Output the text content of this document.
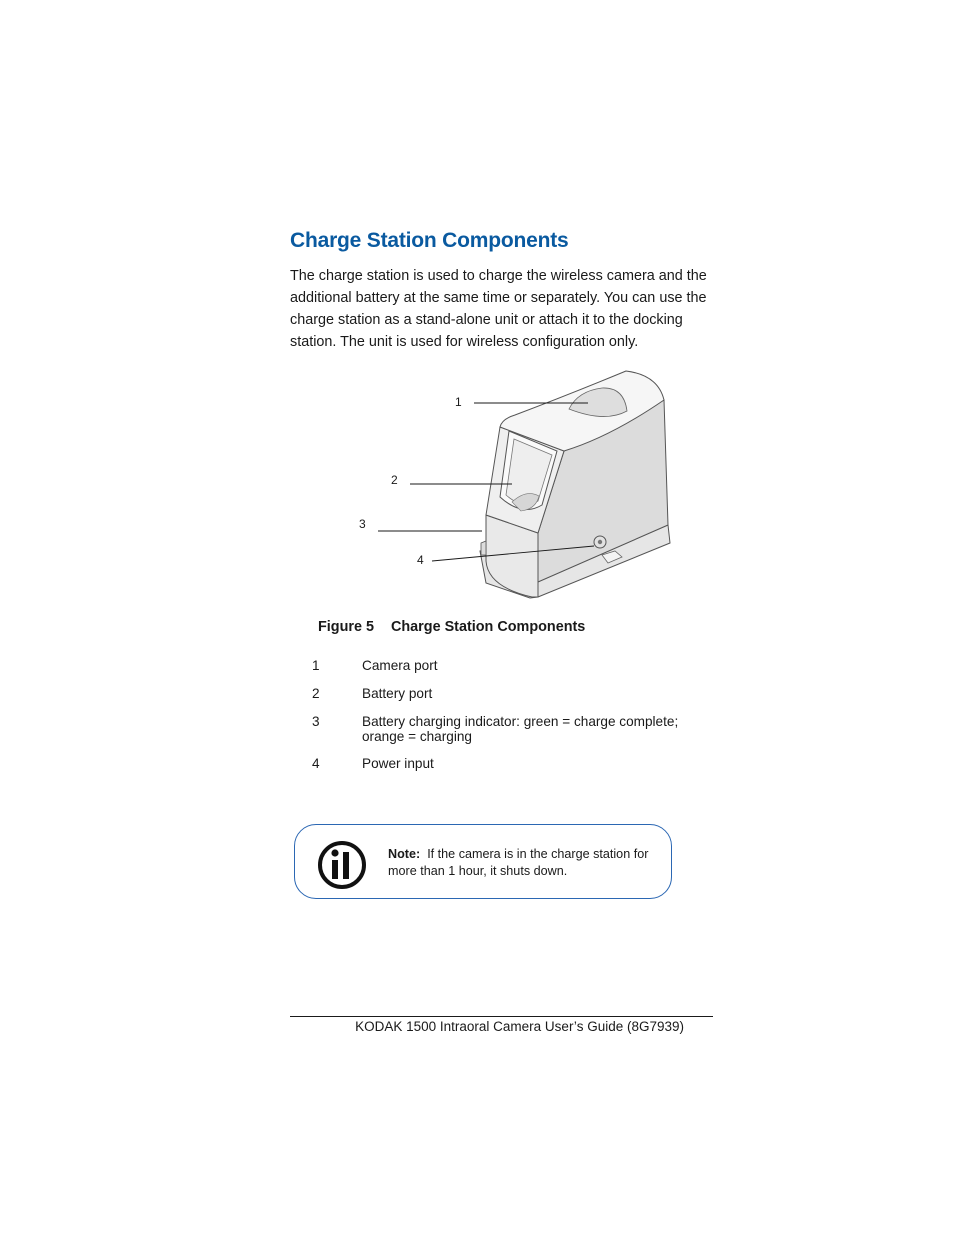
Charge Station Components

The charge station is used to charge the wireless camera and the additional battery at the same time or separately. You can use the charge station as a stand-alone unit or attach it to the docking station. The unit is used for wireless configuration only.

1
2
3
4

Figure 5 Charge Station Components

1	Camera port
2	Battery port
3	Battery charging indicator: green = charge complete; orange = charging
4	Power input

Note: If the camera is in the charge station for more than 1 hour, it shuts down.

KODAK 1500 Intraoral Camera User’s Guide (8G7939)
